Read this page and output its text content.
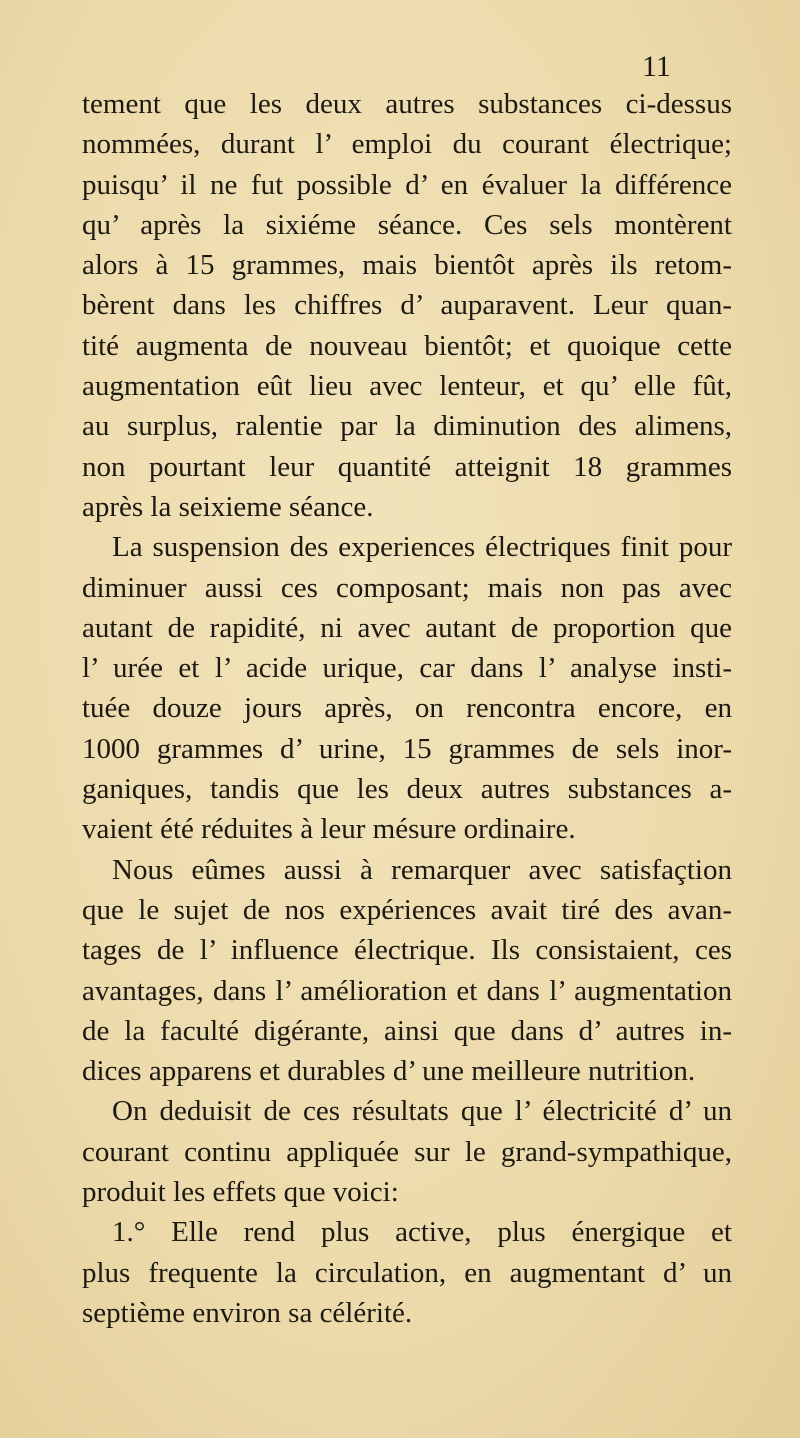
11
tement que les deux autres substances ci-dessus
nommées, durant l’ emploi du courant électrique;
puisqu’ il ne fut possible d’ en évaluer la différence
qu’ après la sixiéme séance. Ces sels montèrent
alors à 15 grammes, mais bientôt après ils retom-
bèrent dans les chiffres d’ auparavent. Leur quan-
tité augmenta de nouveau bientôt; et quoique cette
augmentation eût lieu avec lenteur, et qu’ elle fût,
au surplus, ralentie par la diminution des alimens,
non pourtant leur quantité atteignit 18 grammes
après la seixieme séance.
La suspension des experiences électriques finit pour
diminuer aussi ces composant; mais non pas avec
autant de rapidité, ni avec autant de proportion que
l’ urée et l’ acide urique, car dans l’ analyse insti-
tuée douze jours après, on rencontra encore, en
1000 grammes d’ urine, 15 grammes de sels inor-
ganiques, tandis que les deux autres substances a-
vaient été réduites à leur mésure ordinaire.
Nous eûmes aussi à remarquer avec satisfaçtion
que le sujet de nos expériences avait tiré des avan-
tages de l’ influence électrique. Ils consistaient, ces
avantages, dans l’ amélioration et dans l’ augmentation
de la faculté digérante, ainsi que dans d’ autres in-
dices apparens et durables d’ une meilleure nutrition.
On deduisit de ces résultats que l’ électricité d’ un
courant continu appliquée sur le grand-sympathique,
produit les effets que voici:
1.° Elle rend plus active, plus énergique et
plus frequente la circulation, en augmentant d’ un
septième environ sa célérité.
